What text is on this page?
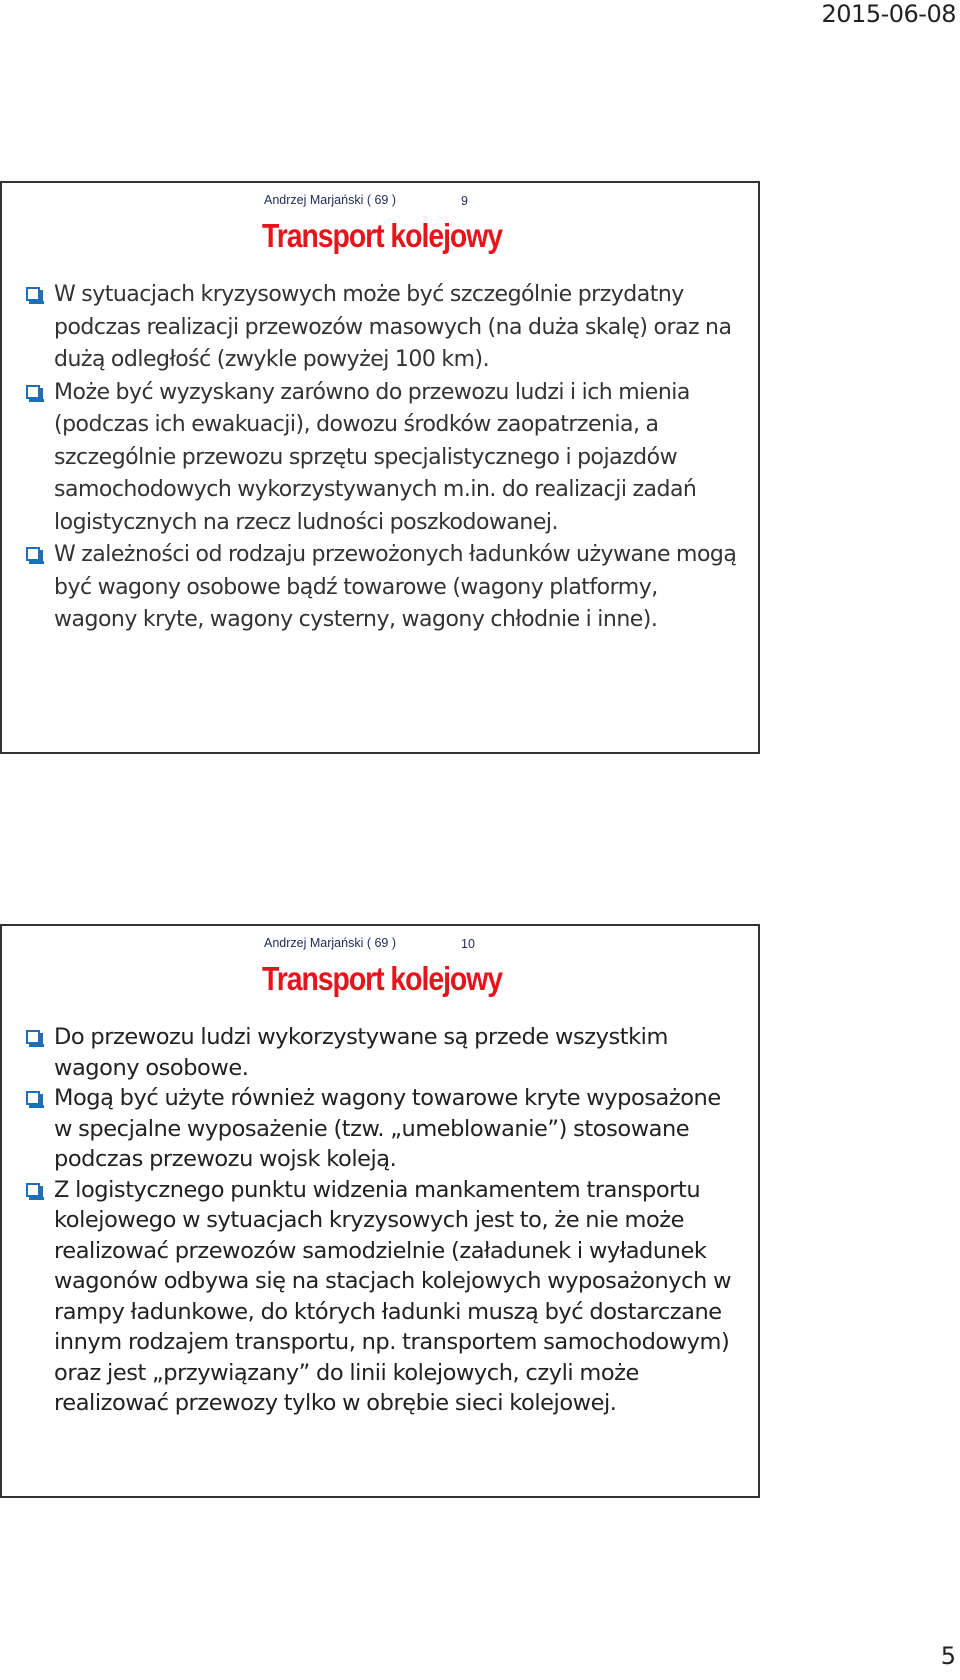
2015-06-08
Andrzej Marjański ( 69 )	9
Transport kolejowy
W sytuacjach kryzysowych może być szczególnie przydatny podczas realizacji przewozów masowych (na duża skalę) oraz na dużą odległość (zwykle powyżej 100 km).
Może być wyzyskany zarówno do przewozu ludzi i ich mienia (podczas ich ewakuacji), dowozu środków zaopatrzenia, a szczególnie przewozu sprzętu specjalistycznego i pojazdów samochodowych wykorzystywanych m.in. do realizacji zadań logistycznych na rzecz ludności poszkodowanej.
W zależności od rodzaju przewożonych ładunków używane mogą być wagony osobowe bądź towarowe (wagony platformy, wagony kryte, wagony cysterny, wagony chłodnie i inne).
Andrzej Marjański ( 69 )	10
Transport kolejowy
Do przewozu ludzi wykorzystywane są przede wszystkim wagony osobowe.
Mogą być użyte również wagony towarowe kryte wyposażone w specjalne wyposażenie (tzw. „umeblowanie”) stosowane podczas przewozu wojsk koleją.
Z logistycznego punktu widzenia mankamentem transportu kolejowego w sytuacjach kryzysowych jest to, że nie może realizować przewozów samodzielnie (załadunek i wyładunek wagonów odbywa się na stacjach kolejowych wyposażonych w rampy ładunkowe, do których ładunki muszą być dostarczane innym rodzajem transportu, np. transportem samochodowym) oraz jest „przywiązany” do linii kolejowych, czyli może realizować przewozy tylko w obrębie sieci kolejowej.
5
